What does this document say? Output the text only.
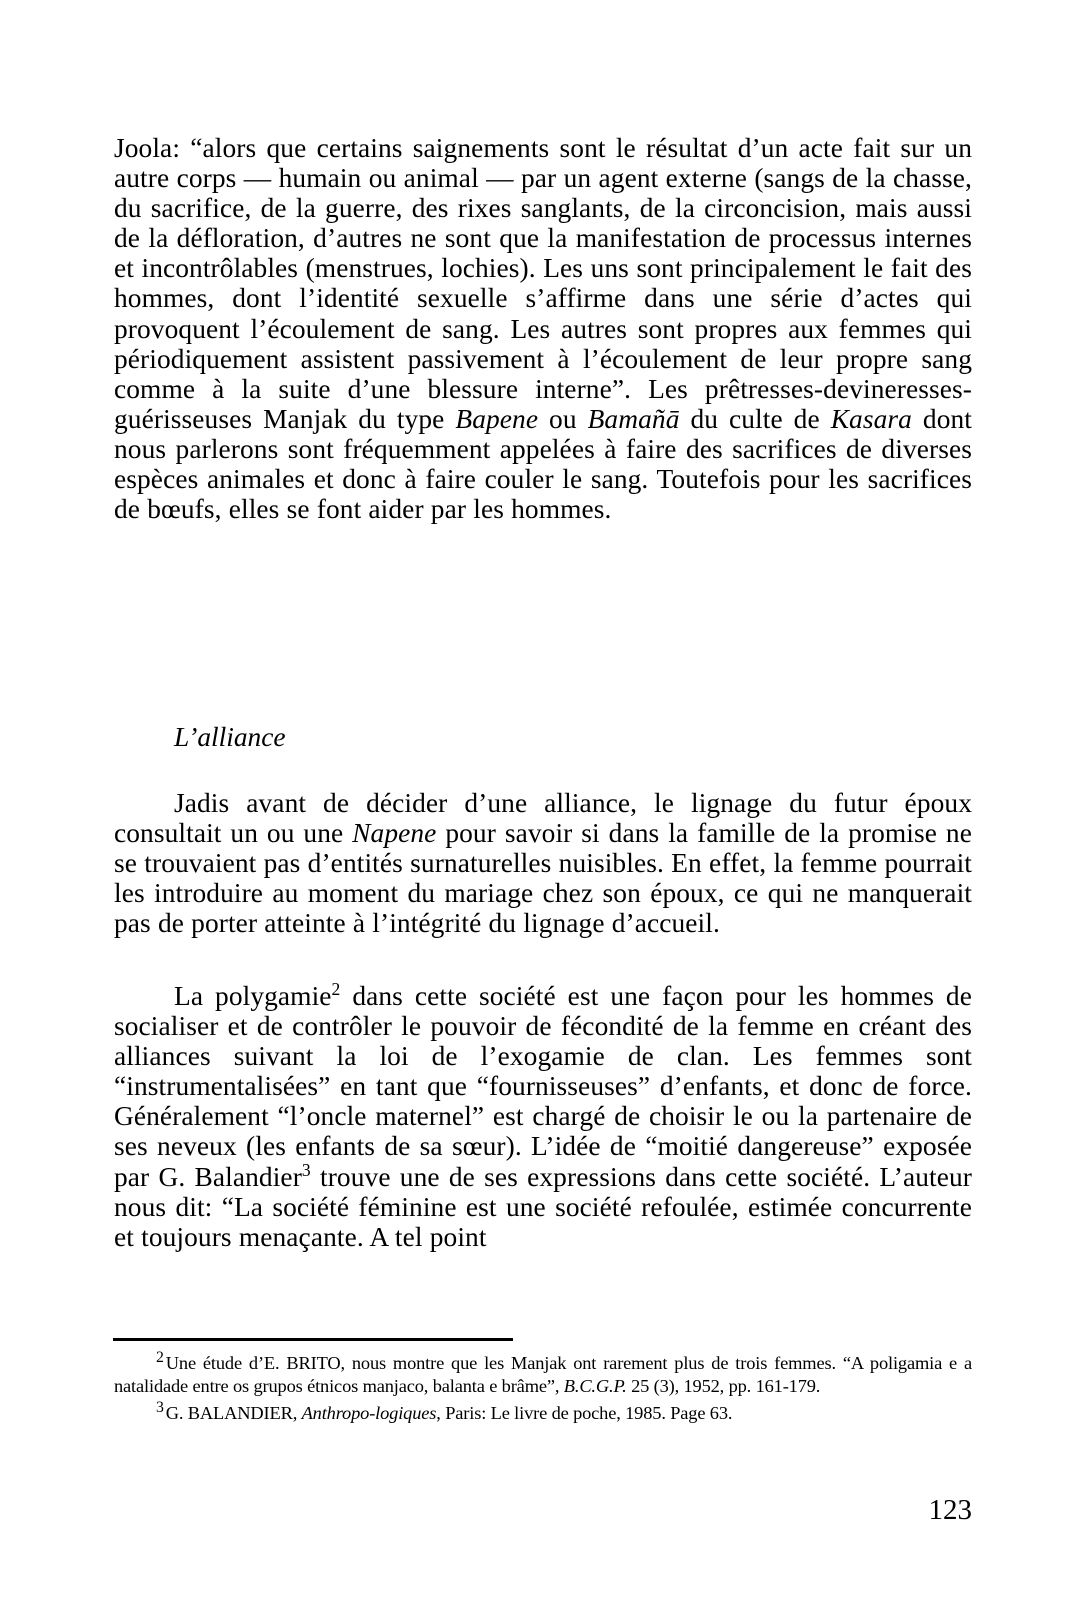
Joola: “alors que certains saignements sont le résultat d’un acte fait sur un autre corps — humain ou animal — par un agent externe (sangs de la chasse, du sacrifice, de la guerre, des rixes sanglants, de la circoncision, mais aussi de la défloration, d’autres ne sont que la manifestation de processus internes et incontrôlables (menstrues, lochies). Les uns sont principalement le fait des hommes, dont l’identité sexuelle s’affirme dans une série d’actes qui provoquent l’écoulement de sang. Les autres sont propres aux femmes qui périodiquement assistent passivement à l’écoulement de leur propre sang comme à la suite d’une blessure interne”. Les prêtresses-devineresses-guérisseuses Manjak du type Bapene ou Bamañā du culte de Kasara dont nous parlerons sont fréquemment appelées à faire des sacrifices de diverses espèces animales et donc à faire couler le sang. Toutefois pour les sacrifices de bœufs, elles se font aider par les hommes.

L’alliance

Jadis avant de décider d’une alliance, le lignage du futur époux consultait un ou une Napene pour savoir si dans la famille de la promise ne se trouvaient pas d’entités surnaturelles nuisibles. En effet, la femme pourrait les introduire au moment du mariage chez son époux, ce qui ne manquerait pas de porter atteinte à l’intégrité du lignage d’accueil.

La polygamie$^2$ dans cette société est une façon pour les hommes de socialiser et de contrôler le pouvoir de fécondité de la femme en créant des alliances suivant la loi de l’exogamie de clan. Les femmes sont “instrumentalisées” en tant que “fournisseuses” d’enfants, et donc de force. Généralement “l’oncle maternel” est chargé de choisir le ou la partenaire de ses neveux (les enfants de sa sœur). L’idée de “moitié dangereuse” exposée par G. Balandier$^3$ trouve une de ses expressions dans cette société. L’auteur nous dit: “La société féminine est une société refoulée, estimée concurrente et toujours menaçante. A tel point

2 Une étude d’E. BRITO, nous montre que les Manjak ont rarement plus de trois femmes. “A poligamia e a natalidade entre os grupos étnicos manjaco, balanta e brâme”, B.C.G.P. 25 (3), 1952, pp. 161-179.

3 G. BALANDIER, Anthropo-logiques, Paris: Le livre de poche, 1985. Page 63.

123
